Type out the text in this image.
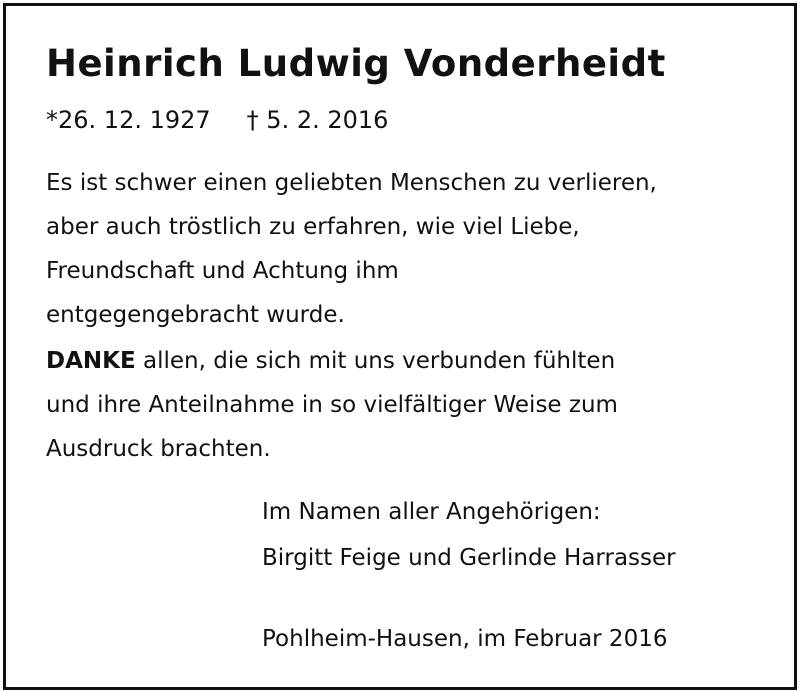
Heinrich Ludwig Vonderheidt
*26. 12. 1927 † 5. 2. 2016

Es ist schwer einen geliebten Menschen zu verlieren,
aber auch tröstlich zu erfahren, wie viel Liebe,
Freundschaft und Achtung ihm
entgegengebracht wurde.

DANKE allen, die sich mit uns verbunden fühlten
und ihre Anteilnahme in so vielfältiger Weise zum
Ausdruck brachten.

Im Namen aller Angehörigen:
Birgitt Feige und Gerlinde Harrasser
Pohlheim-Hausen, im Februar 2016
